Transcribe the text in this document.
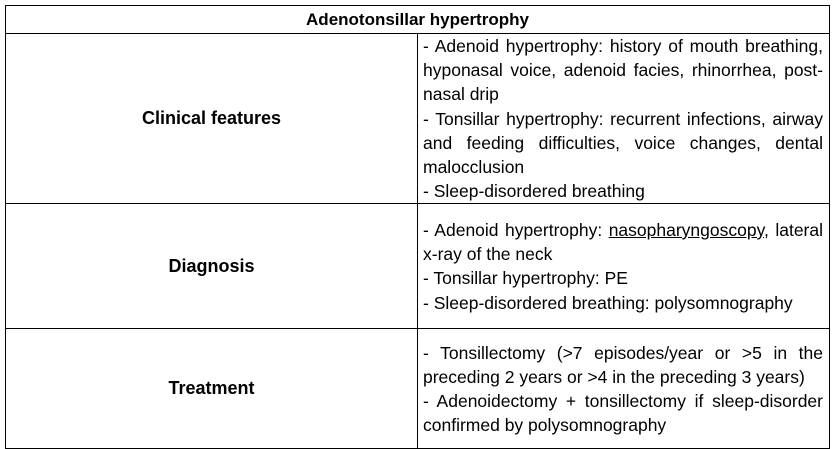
Adenotonsillar hypertrophy	
Clinical features	- Adenoid hypertrophy: history of mouth breathing, hyponasal voice, adenoid facies, rhinorrhea, post-nasal drip

- Tonsillar hypertrophy: recurrent infections, airway and feeding difficulties, voice changes, dental malocclusion

- Sleep-disordered breathing

Diagnosis	- Adenoid hypertrophy: nasopharyngoscopy, lateral x-ray of the neck

- Tonsillar hypertrophy: PE

- Sleep-disordered breathing: polysomnography

Treatment	- Tonsillectomy (>7 episodes/year or >5 in the preceding 2 years or >4 in the preceding 3 years)

- Adenoidectomy + tonsillectomy if sleep-disorder confirmed by polysomnography
